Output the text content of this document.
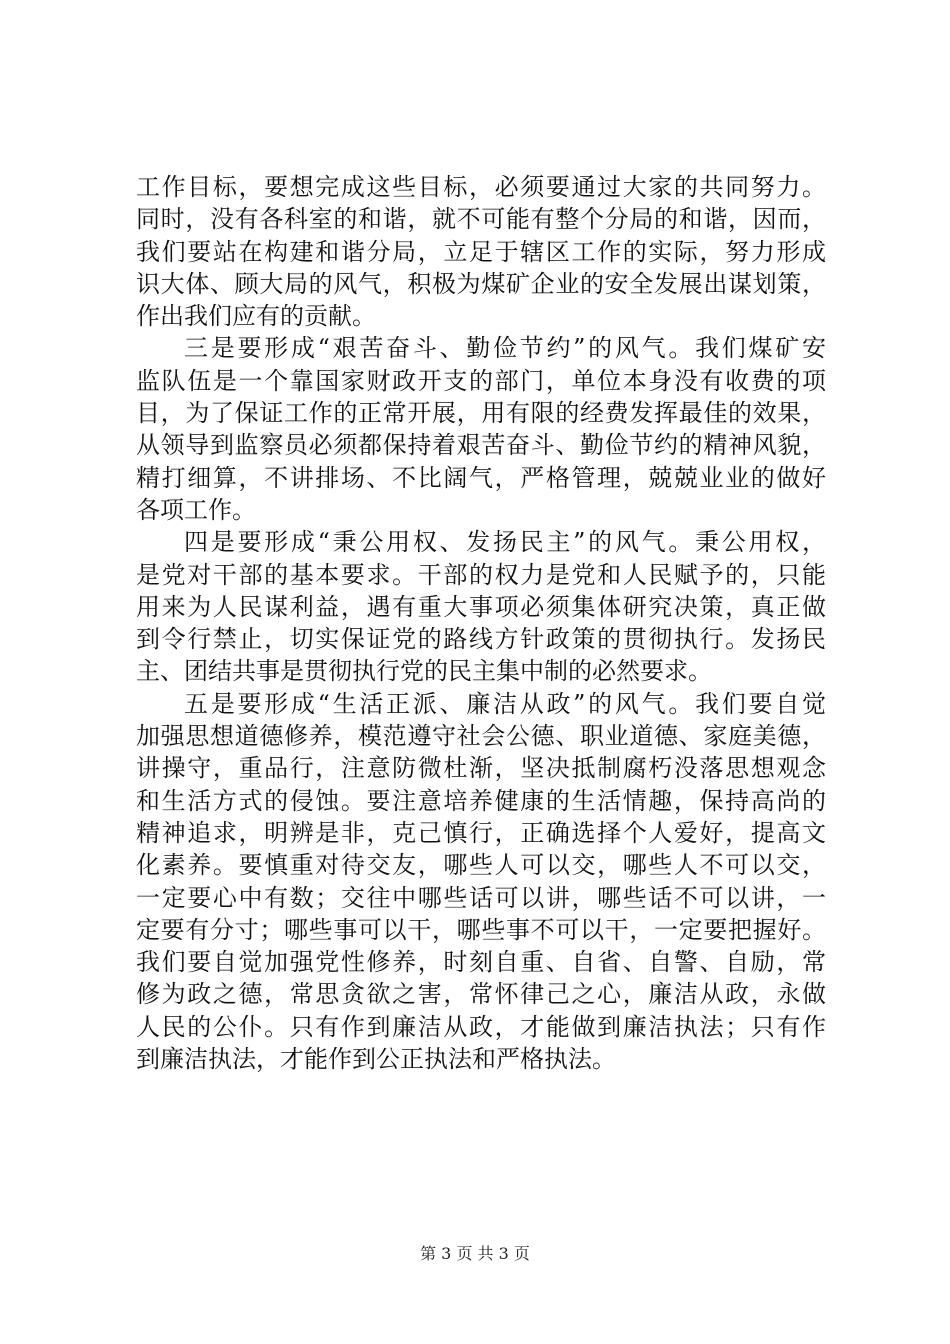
工作目标，要想完成这些目标，必须要通过大家的共同努力。
同时，没有各科室的和谐，就不可能有整个分局的和谐，因而，
我们要站在构建和谐分局，立足于辖区工作的实际，努力形成
识大体、顾大局的风气，积极为煤矿企业的安全发展出谋划策，
作出我们应有的贡献。
三是要形成“艰苦奋斗、勤俭节约”的风气。我们煤矿安
监队伍是一个靠国家财政开支的部门，单位本身没有收费的项
目，为了保证工作的正常开展，用有限的经费发挥最佳的效果，
从领导到监察员必须都保持着艰苦奋斗、勤俭节约的精神风貌，
精打细算，不讲排场、不比阔气，严格管理，兢兢业业的做好
各项工作。
四是要形成“秉公用权、发扬民主”的风气。秉公用权，
是党对干部的基本要求。干部的权力是党和人民赋予的，只能
用来为人民谋利益，遇有重大事项必须集体研究决策，真正做
到令行禁止，切实保证党的路线方针政策的贯彻执行。发扬民
主、团结共事是贯彻执行党的民主集中制的必然要求。
五是要形成“生活正派、廉洁从政”的风气。我们要自觉
加强思想道德修养，模范遵守社会公德、职业道德、家庭美德，
讲操守，重品行，注意防微杜渐，坚决抵制腐朽没落思想观念
和生活方式的侵蚀。要注意培养健康的生活情趣，保持高尚的
精神追求，明辨是非，克己慎行，正确选择个人爱好，提高文
化素养。要慎重对待交友，哪些人可以交，哪些人不可以交，
一定要心中有数；交往中哪些话可以讲，哪些话不可以讲，一
定要有分寸；哪些事可以干，哪些事不可以干，一定要把握好。
我们要自觉加强党性修养，时刻自重、自省、自警、自励，常
修为政之德，常思贪欲之害，常怀律己之心，廉洁从政，永做
人民的公仆。只有作到廉洁从政，才能做到廉洁执法；只有作
到廉洁执法，才能作到公正执法和严格执法。
第 3 页 共 3 页
